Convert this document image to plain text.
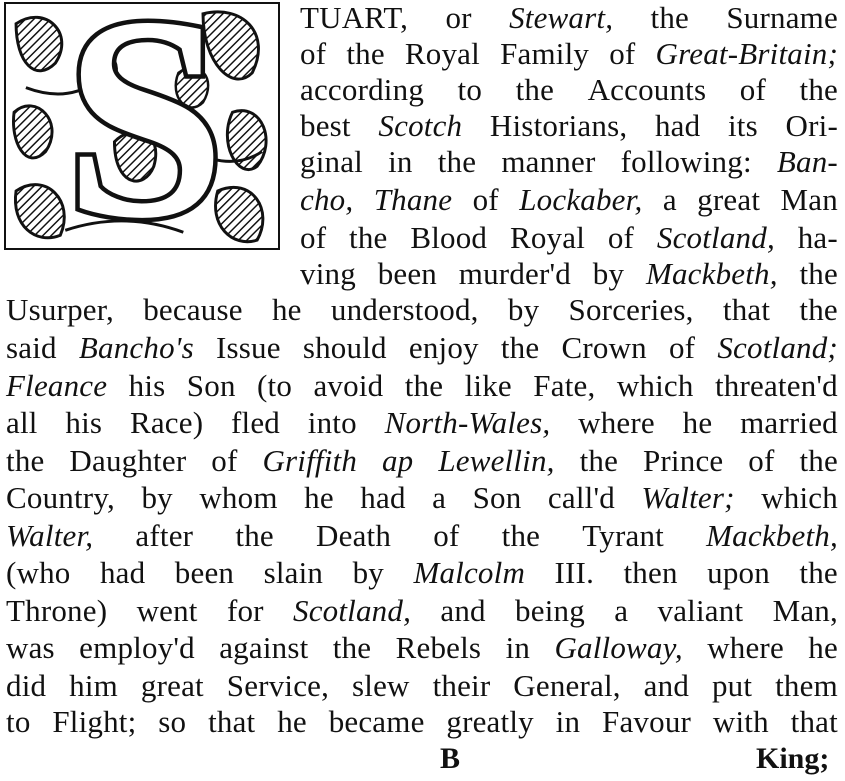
S	TUART, or Stewart, the Surname
of the Royal Family of Great-Britain;
according to the Accounts of the
best Scotch Historians, had its Ori-
ginal in the manner following: Ban-
cho, Thane of Lockaber, a great Man
of the Blood Royal of Scotland, ha-
ving been murder'd by Mackbeth, the
Usurper, because he understood, by Sorceries, that the
said Bancho's Issue should enjoy the Crown of Scotland;
Fleance his Son (to avoid the like Fate, which threaten'd
all his Race) fled into North-Wales, where he married
the Daughter of Griffith ap Lewellin, the Prince of the
Country, by whom he had a Son call'd Walter; which
Walter, after the Death of the Tyrant Mackbeth,
(who had been slain by Malcolm III. then upon the
Throne) went for Scotland, and being a valiant Man,
was employ'd against the Rebels in Galloway, where he
did him great Service, slew their General, and put them
to Flight; so that he became greatly in Favour with that
B	King;
